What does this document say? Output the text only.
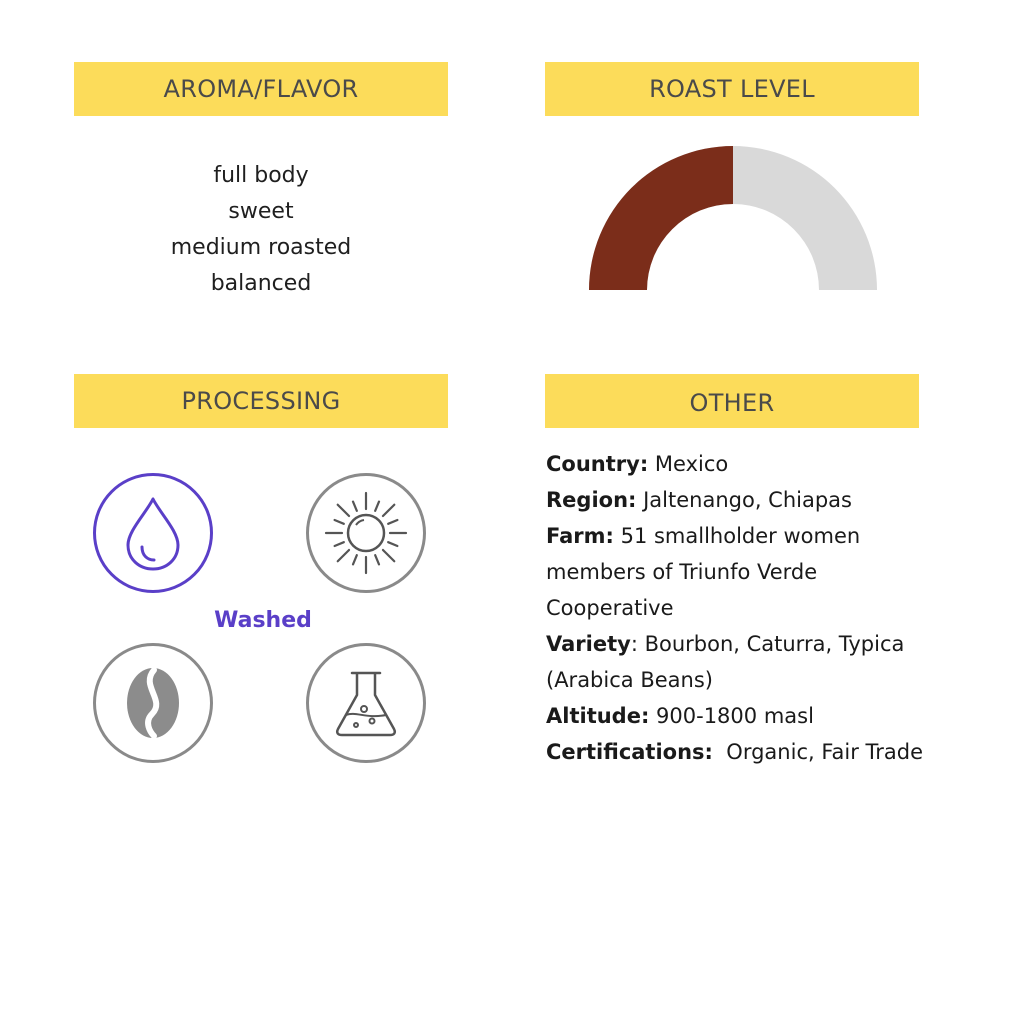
AROMA/FLAVOR
full body
sweet
medium roasted
balanced
ROAST LEVEL
PROCESSING
Washed
OTHER
Country: Mexico
Region: Jaltenango, Chiapas
Farm: 51 smallholder women
members of Triunfo Verde
Cooperative
Variety: Bourbon, Caturra, Typica
(Arabica Beans)
Altitude: 900-1800 masl
Certifications:  Organic, Fair Trade
